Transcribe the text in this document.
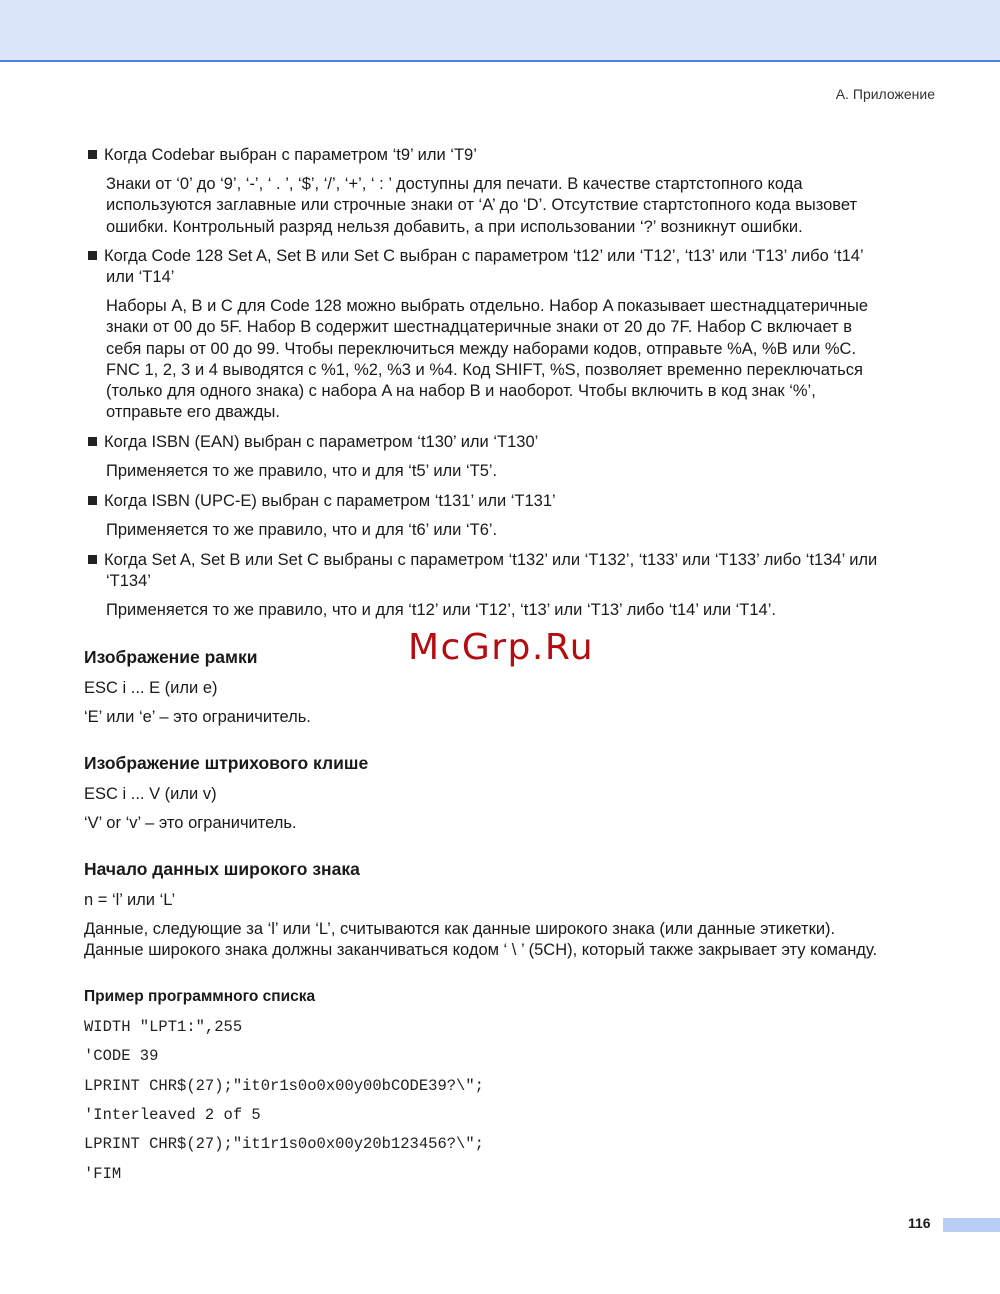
A. Приложение
Когда Codebar выбран с параметром ‘t9’ или ‘T9’
Знаки от ‘0’ до ‘9’, ‘-’, ‘ . ’, ‘$’, ‘/’, ‘+’, ‘ : ’ доступны для печати. В качестве стартстопного кода
используются заглавные или строчные знаки от ‘A’ до ‘D’. Отсутствие стартстопного кода вызовет
ошибки. Контрольный разряд нельзя добавить, а при использовании ‘?’ возникнут ошибки.
Когда Code 128 Set A, Set B или Set C выбран с параметром ‘t12’ или ‘T12’, ‘t13’ или ‘T13’ либо ‘t14’
или ‘T14’
Наборы A, B и C для Code 128 можно выбрать отдельно. Набор A показывает шестнадцатеричные
знаки от 00 до 5F. Набор B содержит шестнадцатеричные знаки от 20 до 7F. Набор C включает в
себя пары от 00 до 99. Чтобы переключиться между наборами кодов, отправьте %A, %B или %C.
FNC 1, 2, 3 и 4 выводятся с %1, %2, %3 и %4. Код SHIFT, %S, позволяет временно переключаться
(только для одного знака) с набора A на набор B и наоборот. Чтобы включить в код знак ‘%’,
отправьте его дважды.
Когда ISBN (EAN) выбран с параметром ‘t130’ или ‘T130’
Применяется то же правило, что и для ‘t5’ или ‘T5’.
Когда ISBN (UPC-E) выбран с параметром ‘t131’ или ‘T131’
Применяется то же правило, что и для ‘t6’ или ‘T6’.
Когда Set A, Set B или Set C выбраны с параметром ‘t132’ или ‘T132’, ‘t133’ или ‘T133’ либо ‘t134’ или
‘T134’
Применяется то же правило, что и для ‘t12’ или ‘T12’, ‘t13’ или ‘T13’ либо ‘t14’ или ‘T14’.
McGrp.Ru
Изображение рамки
ESC i ... E (или e)
‘E’ или ‘e’ – это ограничитель.
Изображение штрихового клише
ESC i ... V (или v)
‘V’ or ‘v’ – это ограничитель.
Начало данных широкого знака
n = ‘l’ или ‘L’
Данные, следующие за ‘l’ или ‘L’, считываются как данные широкого знака (или данные этикетки).
Данные широкого знака должны заканчиваться кодом ‘ \ ’ (5CH), который также закрывает эту команду.
Пример программного списка
WIDTH "LPT1:",255
'CODE 39
LPRINT CHR$(27);"it0r1s0o0x00y00bCODE39?\";
'Interleaved 2 of 5
LPRINT CHR$(27);"it1r1s0o0x00y20b123456?\";
'FIM
116
